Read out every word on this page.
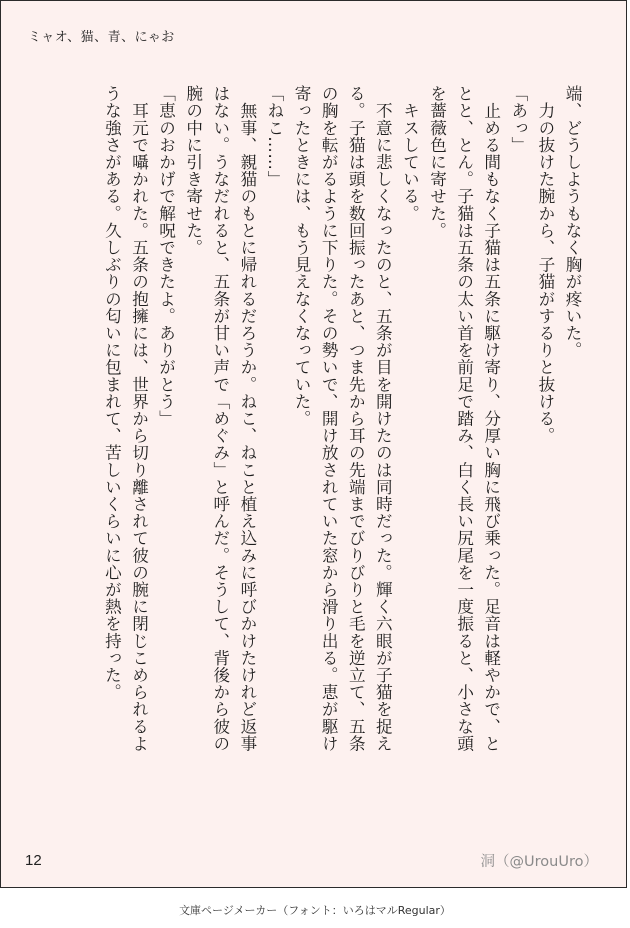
ミャオ、猫、青、にゃお

端、どうしようもなく胸が疼いた。

　力の抜けた腕から、子猫がするりと抜ける。

「あっ」

　止める間もなく子猫は五条に駆け寄り、分厚い胸に飛び乗った。足音は軽やかで、と

とと、とん。子猫は五条の太い首を前足で踏み、白く長い尻尾を一度振ると、小さな頭

を薔薇色に寄せた。

　キスしている。

　不意に悲しくなったのと、五条が目を開けたのは同時だった。輝く六眼が子猫を捉え

る。子猫は頭を数回振ったあと、つま先から耳の先端までびりびりと毛を逆立て、五条

の胸を転がるように下りた。その勢いで、開け放されていた窓から滑り出る。恵が駆け

寄ったときには、もう見えなくなっていた。

「ねこ……」

　無事、親猫のもとに帰れるだろうか。ねこ、ねこと植え込みに呼びかけたけれど返事

はない。うなだれると、五条が甘い声で「めぐみ」と呼んだ。そうして、背後から彼の

腕の中に引き寄せた。

「恵のおかげで解呪できたよ。ありがとう」

　耳元で囁かれた。五条の抱擁には、世界から切り離されて彼の腕に閉じこめられるよ

うな強さがある。久しぶりの匂いに包まれて、苦しいくらいに心が熱を持った。

12	洞（@UrouUro）
文庫ページメーカー（フォント：いろはマルRegular）
